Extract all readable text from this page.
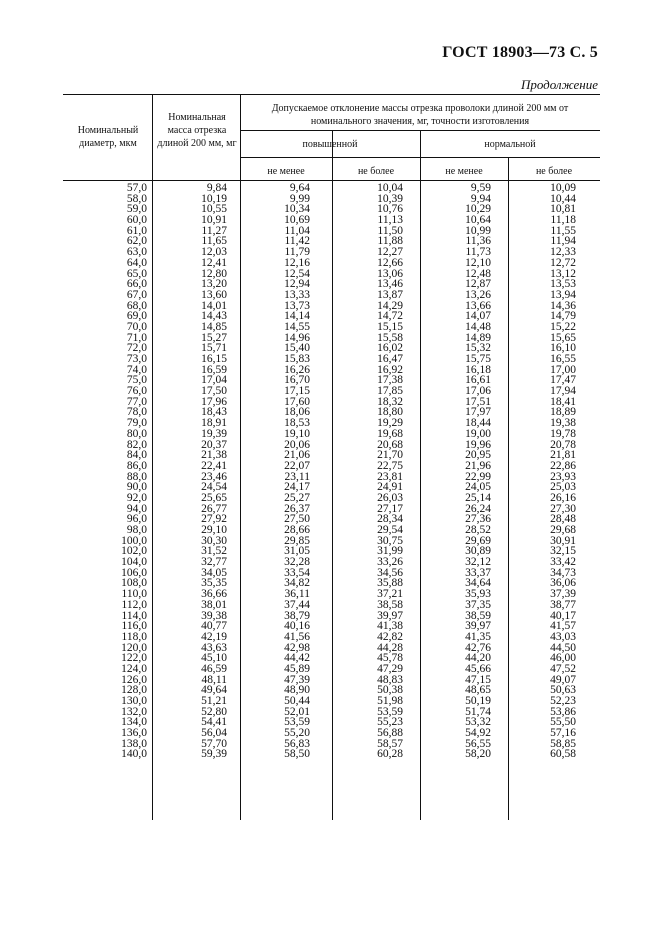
ГОСТ 18903—73 С. 5
Продолжение
Номинальный диаметр, мкм
Номинальная масса отрезка длиной 200 мм, мг
Допускаемое отклонение массы отрезка проволоки длиной 200 мм от номинального значения, мг, точности изготовления
повышенной	нормальной
не менее	не более	не менее	не более
57,0	9,84	9,64	10,04	9,59	10,09
58,0	10,19	9,99	10,39	9,94	10,44
59,0	10,55	10,34	10,76	10,29	10,81
60,0	10,91	10,69	11,13	10,64	11,18
61,0	11,27	11,04	11,50	10,99	11,55
62,0	11,65	11,42	11,88	11,36	11,94
63,0	12,03	11,79	12,27	11,73	12,33
64,0	12,41	12,16	12,66	12,10	12,72
65,0	12,80	12,54	13,06	12,48	13,12
66,0	13,20	12,94	13,46	12,87	13,53
67,0	13,60	13,33	13,87	13,26	13,94
68,0	14,01	13,73	14,29	13,66	14,36
69,0	14,43	14,14	14,72	14,07	14,79
70,0	14,85	14,55	15,15	14,48	15,22
71,0	15,27	14,96	15,58	14,89	15,65
72,0	15,71	15,40	16,02	15,32	16,10
73,0	16,15	15,83	16,47	15,75	16,55
74,0	16,59	16,26	16,92	16,18	17,00
75,0	17,04	16,70	17,38	16,61	17,47
76,0	17,50	17,15	17,85	17,06	17,94
77,0	17,96	17,60	18,32	17,51	18,41
78,0	18,43	18,06	18,80	17,97	18,89
79,0	18,91	18,53	19,29	18,44	19,38
80,0	19,39	19,10	19,68	19,00	19,78
82,0	20,37	20,06	20,68	19,96	20,78
84,0	21,38	21,06	21,70	20,95	21,81
86,0	22,41	22,07	22,75	21,96	22,86
88,0	23,46	23,11	23,81	22,99	23,93
90,0	24,54	24,17	24,91	24,05	25,03
92,0	25,65	25,27	26,03	25,14	26,16
94,0	26,77	26,37	27,17	26,24	27,30
96,0	27,92	27,50	28,34	27,36	28,48
98,0	29,10	28,66	29,54	28,52	29,68
100,0	30,30	29,85	30,75	29,69	30,91
102,0	31,52	31,05	31,99	30,89	32,15
104,0	32,77	32,28	33,26	32,12	33,42
106,0	34,05	33,54	34,56	33,37	34,73
108,0	35,35	34,82	35,88	34,64	36,06
110,0	36,66	36,11	37,21	35,93	37,39
112,0	38,01	37,44	38,58	37,35	38,77
114,0	39,38	38,79	39,97	38,59	40,17
116,0	40,77	40,16	41,38	39,97	41,57
118,0	42,19	41,56	42,82	41,35	43,03
120,0	43,63	42,98	44,28	42,76	44,50
122,0	45,10	44,42	45,78	44,20	46,00
124,0	46,59	45,89	47,29	45,66	47,52
126,0	48,11	47,39	48,83	47,15	49,07
128,0	49,64	48,90	50,38	48,65	50,63
130,0	51,21	50,44	51,98	50,19	52,23
132,0	52,80	52,01	53,59	51,74	53,86
134,0	54,41	53,59	55,23	53,32	55,50
136,0	56,04	55,20	56,88	54,92	57,16
138,0	57,70	56,83	58,57	56,55	58,85
140,0	59,39	58,50	60,28	58,20	60,58
